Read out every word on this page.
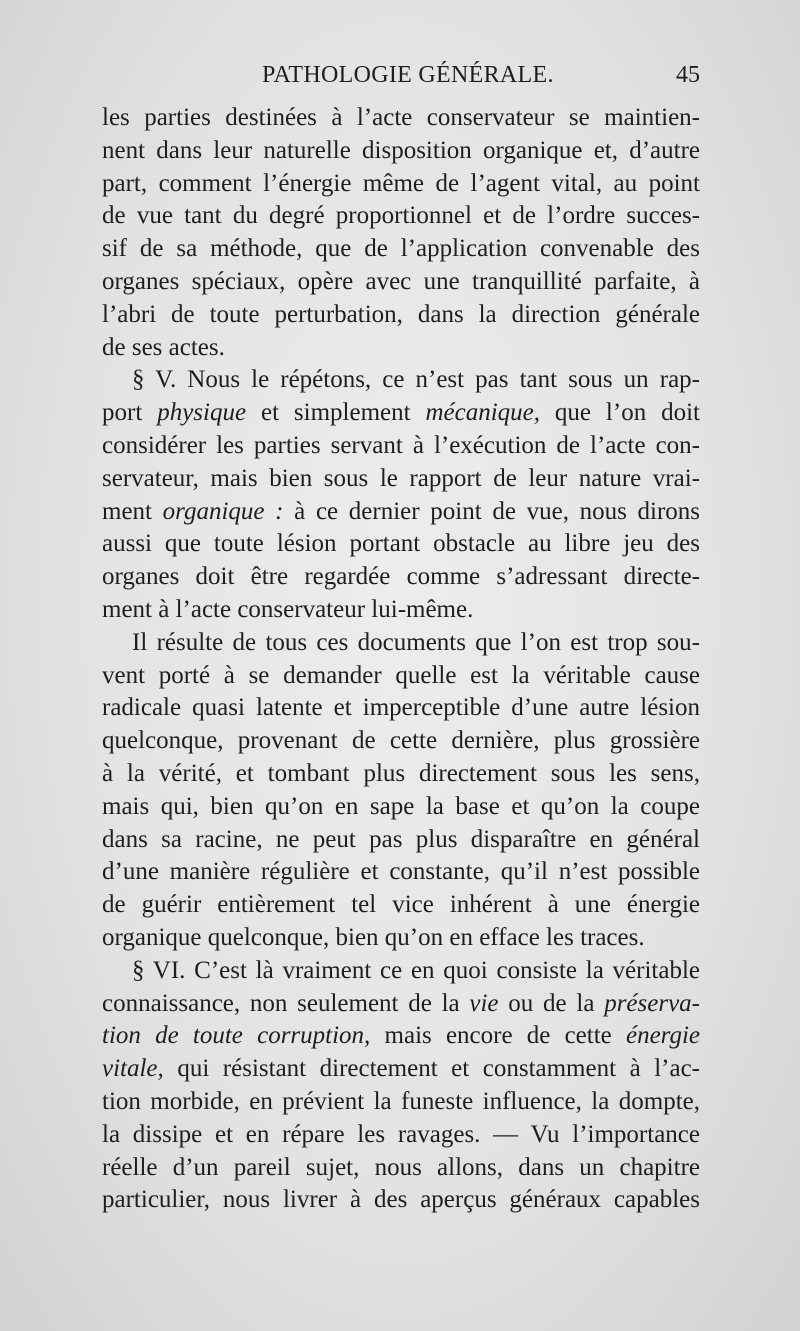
PATHOLOGIE GÉNÉRALE.	45
les parties destinées à l’acte conservateur se maintien-
nent dans leur naturelle disposition organique et, d’autre
part, comment l’énergie même de l’agent vital, au point
de vue tant du degré proportionnel et de l’ordre succes-
sif de sa méthode, que de l’application convenable des
organes spéciaux, opère avec une tranquillité parfaite, à
l’abri de toute perturbation, dans la direction générale
de ses actes.
§ V. Nous le répétons, ce n’est pas tant sous un rap-
port physique et simplement mécanique, que l’on doit
considérer les parties servant à l’exécution de l’acte con-
servateur, mais bien sous le rapport de leur nature vrai-
ment organique : à ce dernier point de vue, nous dirons
aussi que toute lésion portant obstacle au libre jeu des
organes doit être regardée comme s’adressant directe-
ment à l’acte conservateur lui-même.
Il résulte de tous ces documents que l’on est trop sou-
vent porté à se demander quelle est la véritable cause
radicale quasi latente et imperceptible d’une autre lésion
quelconque, provenant de cette dernière, plus grossière
à la vérité, et tombant plus directement sous les sens,
mais qui, bien qu’on en sape la base et qu’on la coupe
dans sa racine, ne peut pas plus disparaître en général
d’une manière régulière et constante, qu’il n’est possible
de guérir entièrement tel vice inhérent à une énergie
organique quelconque, bien qu’on en efface les traces.
§ VI. C’est là vraiment ce en quoi consiste la véritable
connaissance, non seulement de la vie ou de la préserva-
tion de toute corruption, mais encore de cette énergie
vitale, qui résistant directement et constamment à l’ac-
tion morbide, en prévient la funeste influence, la dompte,
la dissipe et en répare les ravages. — Vu l’importance
réelle d’un pareil sujet, nous allons, dans un chapitre
particulier, nous livrer à des aperçus généraux capables
